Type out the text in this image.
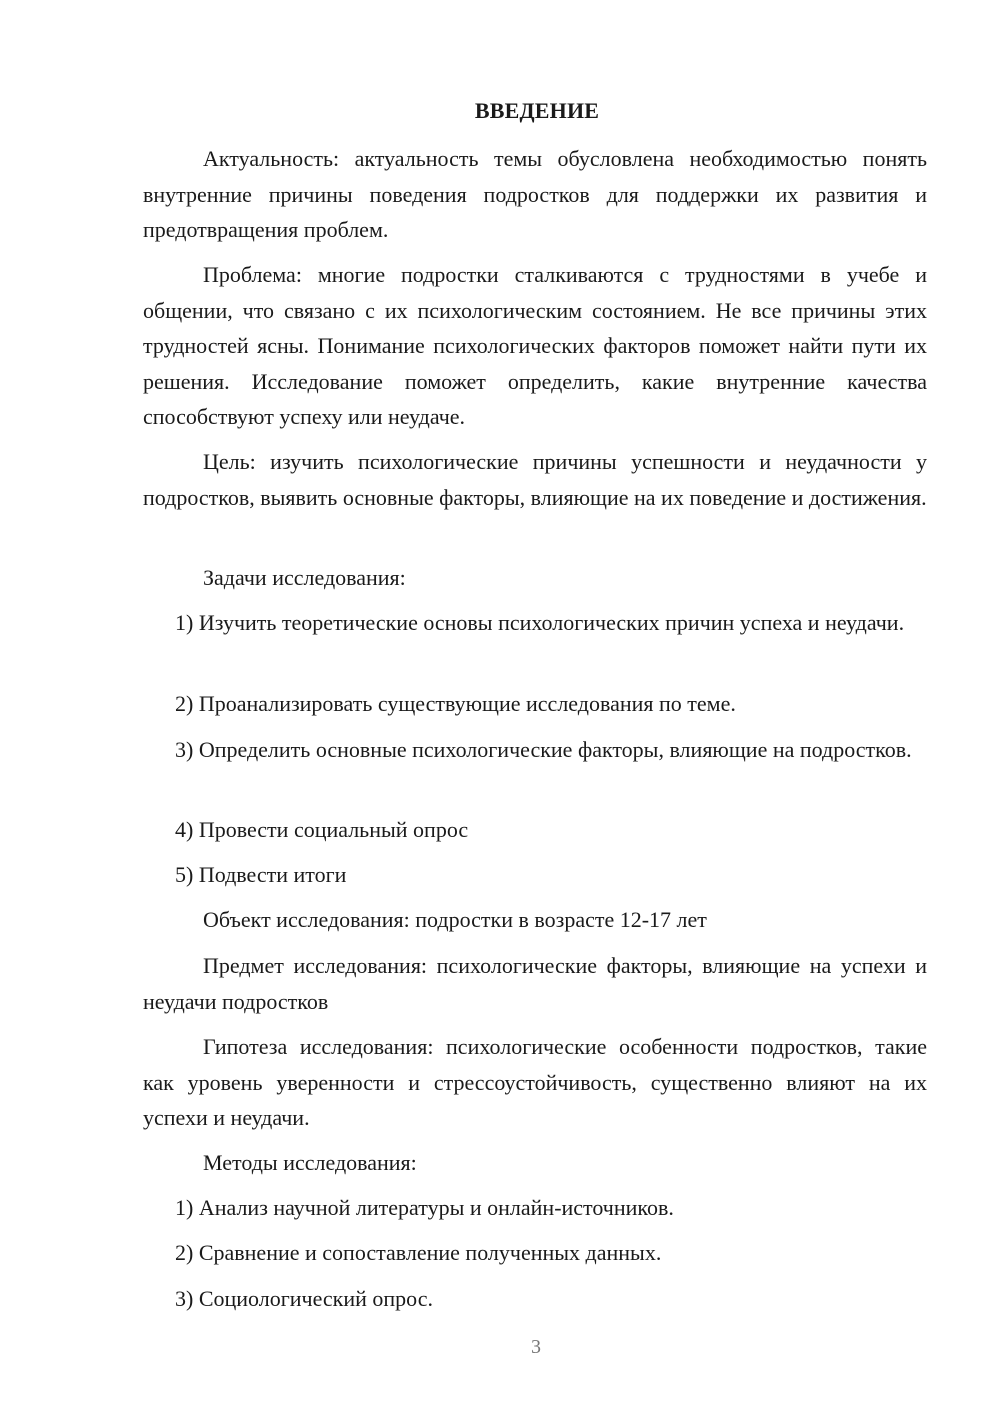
ВВЕДЕНИЕ

Актуальность: актуальность темы обусловлена необходимостью понять внутренние причины поведения подростков для поддержки их развития и предотвращения проблем.

Проблема: многие подростки сталкиваются с трудностями в учебе и общении, что связано с их психологическим состоянием. Не все причины этих трудностей ясны. Понимание психологических факторов поможет найти пути их решения. Исследование поможет определить, какие внутренние качества способствуют успеху или неудаче.

Цель: изучить психологические причины успешности и неудачности у подростков, выявить основные факторы, влияющие на их поведение и достижения.

Задачи исследования:

1) Изучить теоретические основы психологических причин успеха и неудачи.

2) Проанализировать существующие исследования по теме.

3) Определить основные психологические факторы, влияющие на подростков.

4) Провести социальный опрос

5) Подвести итоги

Объект исследования: подростки в возрасте 12-17 лет

Предмет исследования: психологические факторы, влияющие на успехи и неудачи подростков

Гипотеза исследования: психологические особенности подростков, такие как уровень уверенности и стрессоустойчивость, существенно влияют на их успехи и неудачи.

Методы исследования:

1) Анализ научной литературы и онлайн-источников.

2) Сравнение и сопоставление полученных данных.

3) Социологический опрос.

3
